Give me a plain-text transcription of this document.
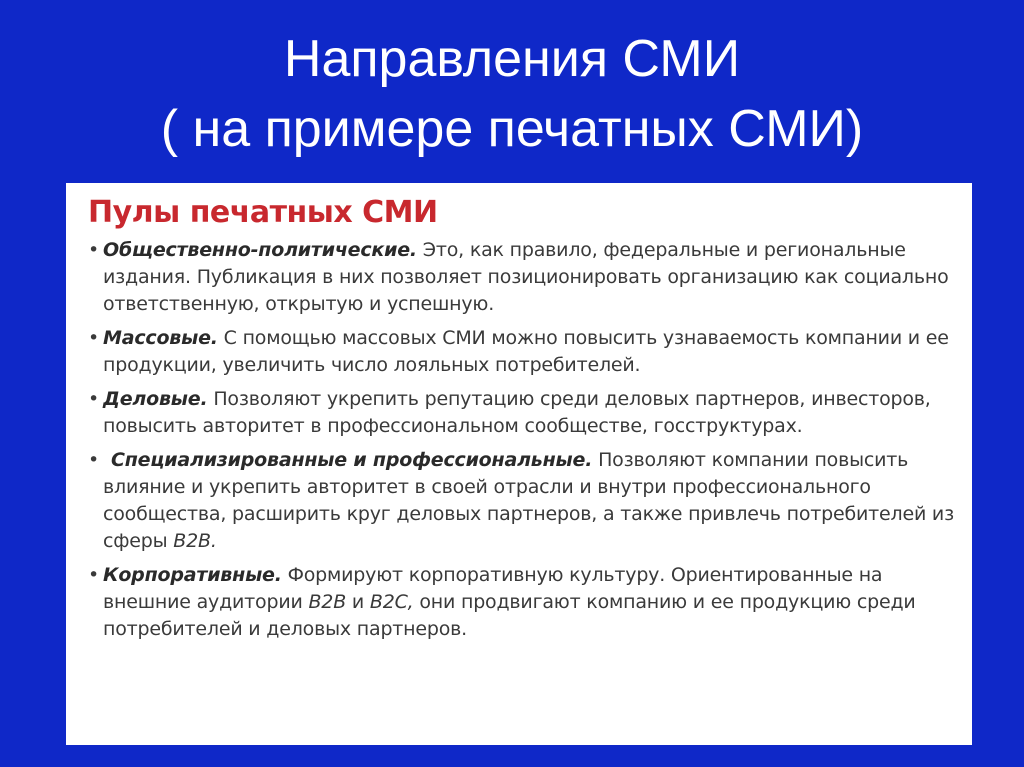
Направления СМИ
( на примере печатных СМИ)
Пулы печатных СМИ
• Общественно-политические. Это, как правило, федеральные и региональные издания. Публикация в них позволяет позиционировать организацию как социально ответственную, открытую и успешную.
• Массовые. С помощью массовых СМИ можно повысить узнаваемость компании и ее продукции, увеличить число лояльных потребителей.
• Деловые. Позволяют укрепить репутацию среди деловых партнеров, инвесторов, повысить авторитет в профессиональном сообществе, госструктурах.
• Специализированные и профессиональные. Позволяют компании повысить влияние и укрепить авторитет в своей отрасли и внутри профессионального сообщества, расширить круг деловых партнеров, а также привлечь потребителей из сферы B2B.
• Корпоративные. Формируют корпоративную культуру. Ориентированные на внешние аудитории B2B и B2C, они продвигают компанию и ее продукцию среди потребителей и деловых партнеров.
